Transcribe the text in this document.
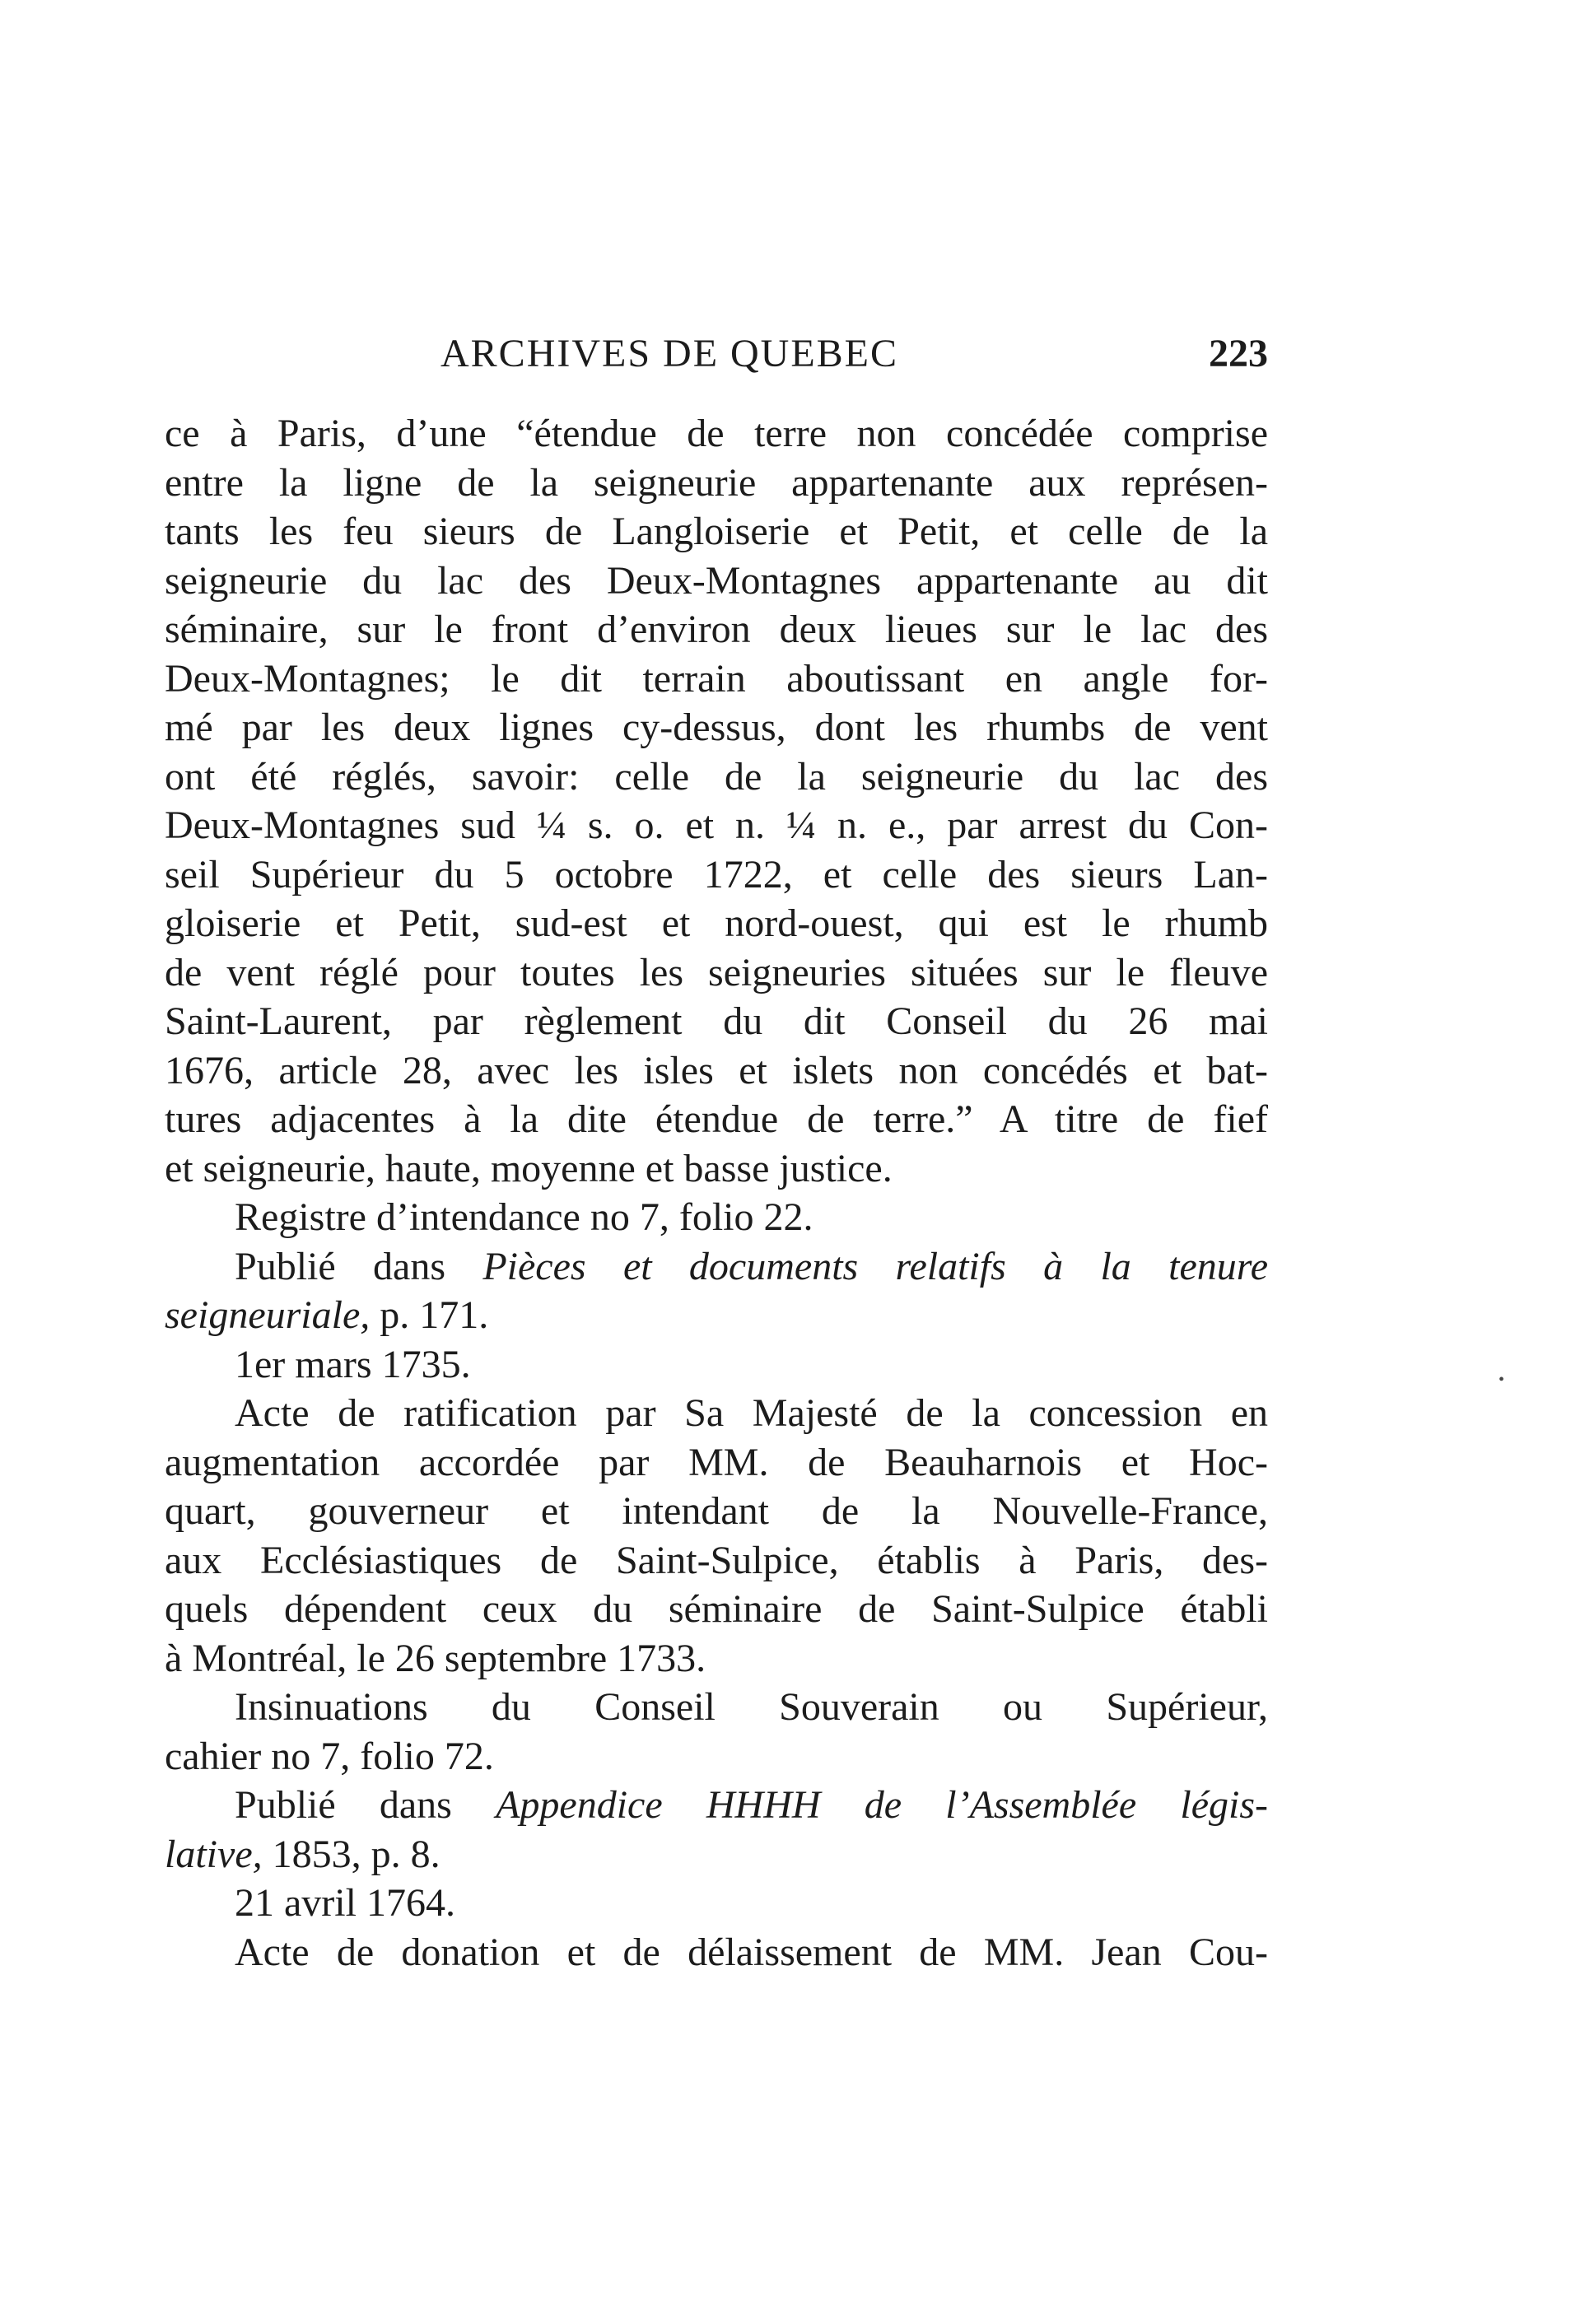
ARCHIVES DE QUEBEC	223
ce à Paris, d’une “étendue de terre non concédée comprise
entre la ligne de la seigneurie appartenante aux représen-
tants les feu sieurs de Langloiserie et Petit, et celle de la
seigneurie du lac des Deux-Montagnes appartenante au dit
séminaire, sur le front d’environ deux lieues sur le lac des
Deux-Montagnes; le dit terrain aboutissant en angle for-
mé par les deux lignes cy-dessus, dont les rhumbs de vent
ont été réglés, savoir: celle de la seigneurie du lac des
Deux-Montagnes sud ¼ s. o. et n. ¼ n. e., par arrest du Con-
seil Supérieur du 5 octobre 1722, et celle des sieurs Lan-
gloiserie et Petit, sud-est et nord-ouest, qui est le rhumb
de vent réglé pour toutes les seigneuries situées sur le fleuve
Saint-Laurent, par règlement du dit Conseil du 26 mai
1676, article 28, avec les isles et islets non concédés et bat-
tures adjacentes à la dite étendue de terre.” A titre de fief
et seigneurie, haute, moyenne et basse justice.
Registre d’intendance no 7, folio 22.
Publié dans Pièces et documents relatifs à la tenure
seigneuriale, p. 171.
1er mars 1735.
Acte de ratification par Sa Majesté de la concession en
augmentation accordée par MM. de Beauharnois et Hoc-
quart, gouverneur et intendant de la Nouvelle-France,
aux Ecclésiastiques de Saint-Sulpice, établis à Paris, des-
quels dépendent ceux du séminaire de Saint-Sulpice établi
à Montréal, le 26 septembre 1733.
Insinuations du Conseil Souverain ou Supérieur,
cahier no 7, folio 72.
Publié dans Appendice HHHH de l’Assemblée légis-
lative, 1853, p. 8.
21 avril 1764.
Acte de donation et de délaissement de MM. Jean Cou-
•
